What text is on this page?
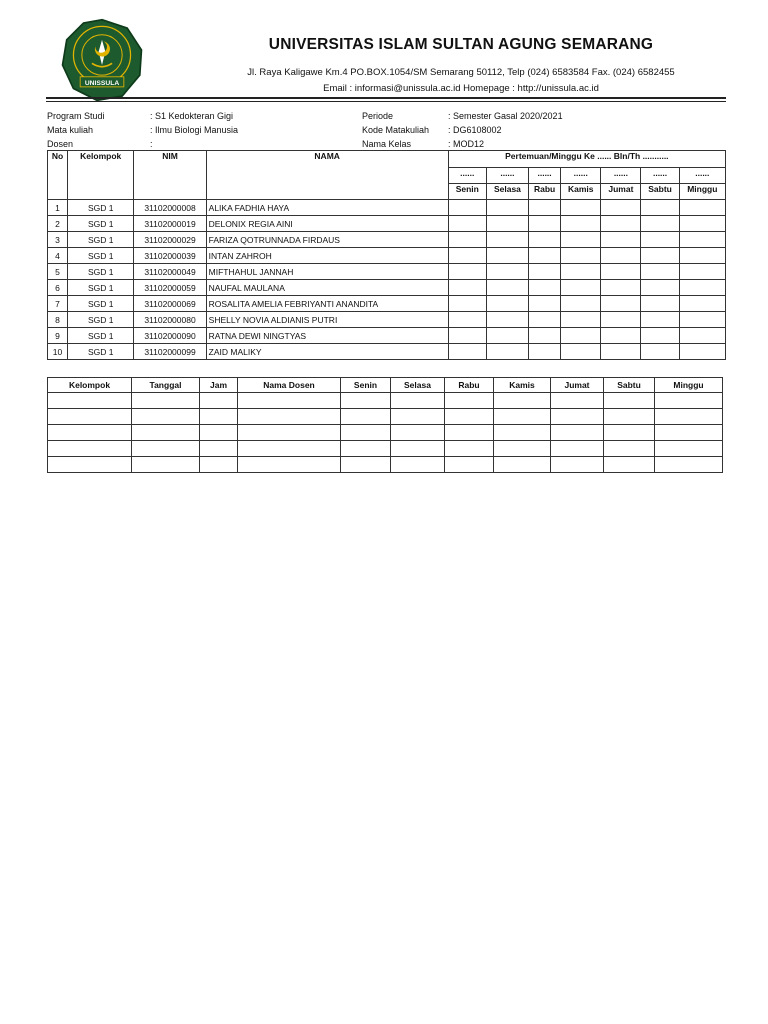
UNISSULA
UNIVERSITAS ISLAM SULTAN AGUNG SEMARANG
Jl. Raya Kaligawe Km.4 PO.BOX.1054/SM Semarang 50112, Telp (024) 6583584 Fax. (024) 6582455
Email : informasi@unissula.ac.id Homepage : http://unissula.ac.id
Program Studi	: S1 Kedokteran Gigi
Mata kuliah	: Ilmu Biologi Manusia
Dosen	:
Periode	: Semester Gasal 2020/2021
Kode Matakuliah	: DG6108002
Nama Kelas	: MOD12
No	Kelompok	NIM	NAMA	Pertemuan/Minggu Ke ...... Bln/Th ...........						
				......	......	......	......	......	......	......
				Senin	Selasa	Rabu	Kamis	Jumat	Sabtu	Minggu
1	SGD 1	31102000008	ALIKA FADHIA HAYA							
2	SGD 1	31102000019	DELONIX REGIA AINI							
3	SGD 1	31102000029	FARIZA QOTRUNNADA FIRDAUS							
4	SGD 1	31102000039	INTAN ZAHROH							
5	SGD 1	31102000049	MIFTHAHUL JANNAH							
6	SGD 1	31102000059	NAUFAL MAULANA							
7	SGD 1	31102000069	ROSALITA AMELIA FEBRIYANTI ANANDITA							
8	SGD 1	31102000080	SHELLY NOVIA ALDIANIS PUTRI							
9	SGD 1	31102000090	RATNA DEWI NINGTYAS							
10	SGD 1	31102000099	ZAID MALIKY							
Kelompok	Tanggal	Jam	Nama Dosen	Senin	Selasa	Rabu	Kamis	Jumat	Sabtu	Minggu
